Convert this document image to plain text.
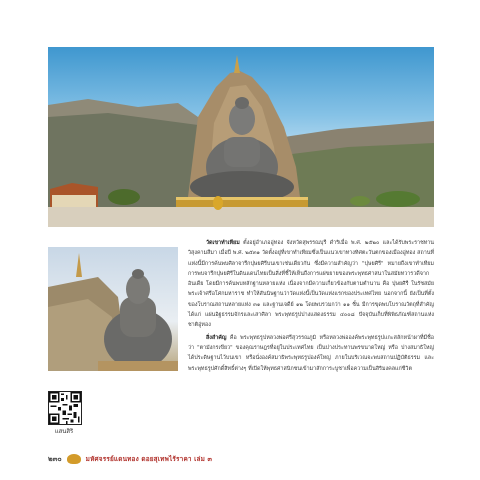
แสนสิริ

วัดเขาทำเทียม ตั้งอยู่อำเภออู่ทอง จังหวัดสุพรรณบุรี ดำริเมื่อ พ.ศ. ๒๕๒๐ และได้รับพระราชทานวิสุงคามสีมา เมื่อปี พ.ศ. ๒๕๓๑ วัดตั้งอยู่ที่เขาทำเทียมซึ่งเป็นแนวเขาทางทิศตะวันตกของเมืองอู่ทอง สถานที่แห่งนี้มีการค้นพบศิลาจารึกปุษยศิรีบนเขาเช่นเดียวกัน ซึ่งมีความสำคัญว่า "ปุษยศิรี" หมายถึงเขาทำเทียม การพบจารึกปุษยศิรีในดินแดนไทยเป็นสิ่งที่ชี้ให้เห็นถึงการแผ่ขยายของพระพุทธศาสนาในสมัยทวารวดีจากอินเดีย โดยมีการค้นพบหลักฐานหลายแห่ง เนื่องจากมีความเกี่ยวข้องกับตามตำนาน คือ ปุษยศิรี ในรัชสมัยพระเจ้าศรีอโศกมหาราช ทำให้สันนิษฐานว่าวัดแห่งนี้เป็นวัดแห่งแรกของประเทศไทย นอกจากนี้ ยังเป็นที่ตั้งของโบราณสถานหลายแห่ง ๓๑ และฐานเจดีย์ ๑๒ โดยพบรวมกว่า ๑๑ ชิ้น มีการขุดพบโบราณวัตถุที่สำคัญ ได้แก่ แผ่นอิฐธรรมจักรและเสาศิลา พระพุทธรูปปางแสดงธรรม ๔๐๐๘ ปัจจุบันเก็บที่พิพิธภัณฑ์สถานแห่งชาติอู่ทอง

สิ่งสำคัญ คือ พระพุทธรูปหลวงพ่อศรีสุวรรณภูมิ หรือหลวงพ่อองค์พระพุทธรูปแกะสลักหน้าผาที่มีชื่อว่า "ตามังกรเขียว" ของคุณราษฎรที่อยู่ในประเทศไทย เป็นปางประทานพรขนาดใหญ่ หรือ ปางสมาธิใหญ่ ได้ประดิษฐานไว้บนเขา หรือนั่งองค์สมาธิพระพุทธรูปองค์ใหญ่ ภายในบริเวณจะพบสถานปฏิบัติธรรม และพระพุทธรูปศักดิ์สิทธิ์ต่างๆ ที่เปิดให้พุทธศาสนิกชนเข้ามาสักการะบูชาเพื่อความเป็นสิริมงคลแก่ชีวิต

๒๓๐	มหัศจรรย์แดนทอง ดอยสุเทพไร้ราคา เล่ม ๓
